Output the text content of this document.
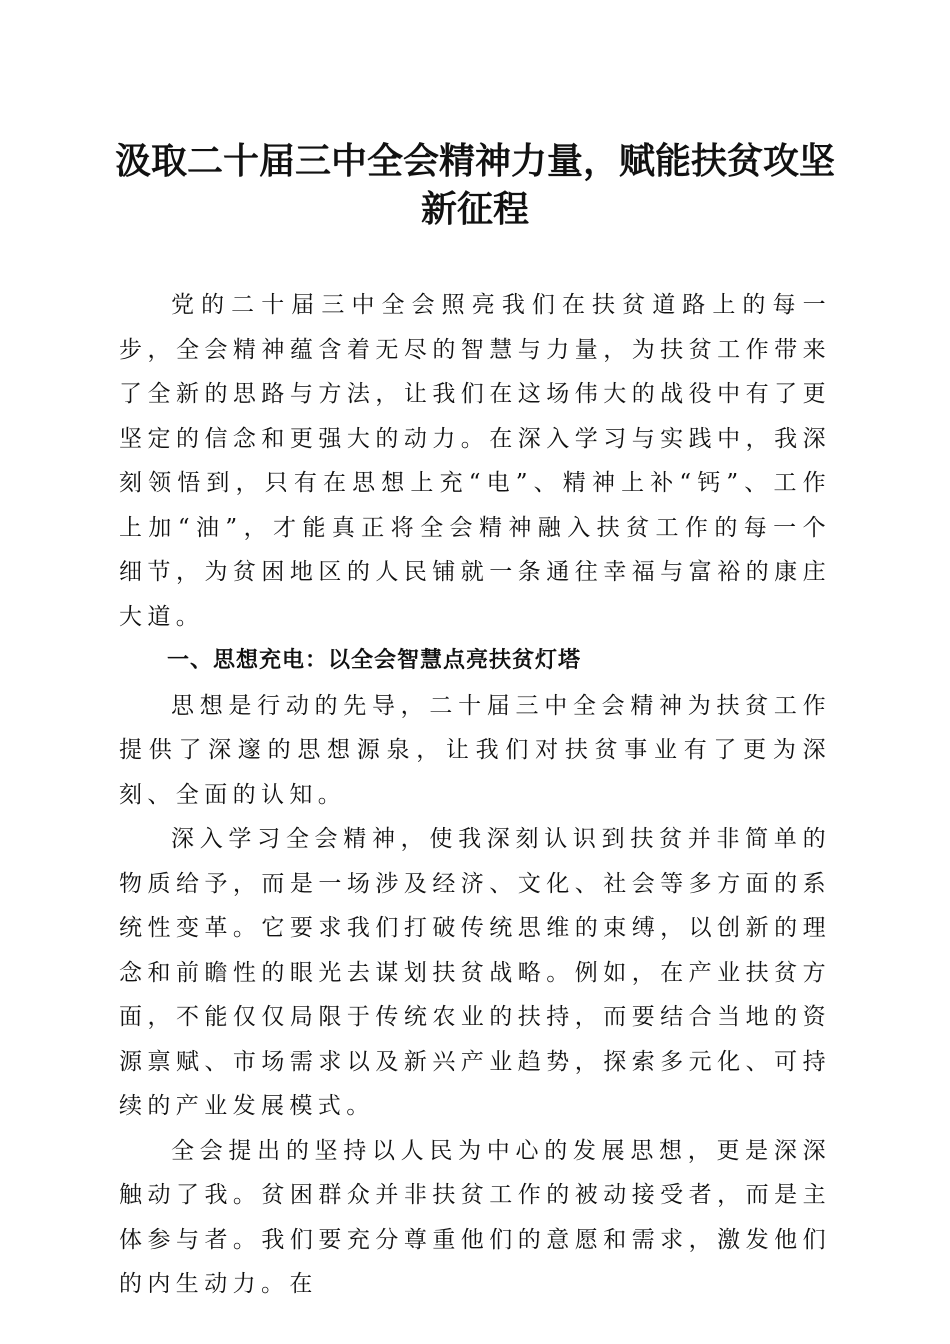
汲取二十届三中全会精神力量，赋能扶贫攻坚
新征程

党的二十届三中全会照亮我们在扶贫道路上的每一步，全会精神蕴含着无尽的智慧与力量，为扶贫工作带来了全新的思路与方法，让我们在这场伟大的战役中有了更坚定的信念和更强大的动力。在深入学习与实践中，我深刻领悟到，只有在思想上充“电”、精神上补“钙”、工作上加“油”，才能真正将全会精神融入扶贫工作的每一个细节，为贫困地区的人民铺就一条通往幸福与富裕的康庄大道。

一、思想充电：以全会智慧点亮扶贫灯塔

思想是行动的先导，二十届三中全会精神为扶贫工作提供了深邃的思想源泉，让我们对扶贫事业有了更为深刻、全面的认知。

深入学习全会精神，使我深刻认识到扶贫并非简单的物质给予，而是一场涉及经济、文化、社会等多方面的系统性变革。它要求我们打破传统思维的束缚，以创新的理念和前瞻性的眼光去谋划扶贫战略。例如，在产业扶贫方面，不能仅仅局限于传统农业的扶持，而要结合当地的资源禀赋、市场需求以及新兴产业趋势，探索多元化、可持续的产业发展模式。

全会提出的坚持以人民为中心的发展思想，更是深深触动了我。贫困群众并非扶贫工作的被动接受者，而是主体参与者。我们要充分尊重他们的意愿和需求，激发他们的内生动力。在
